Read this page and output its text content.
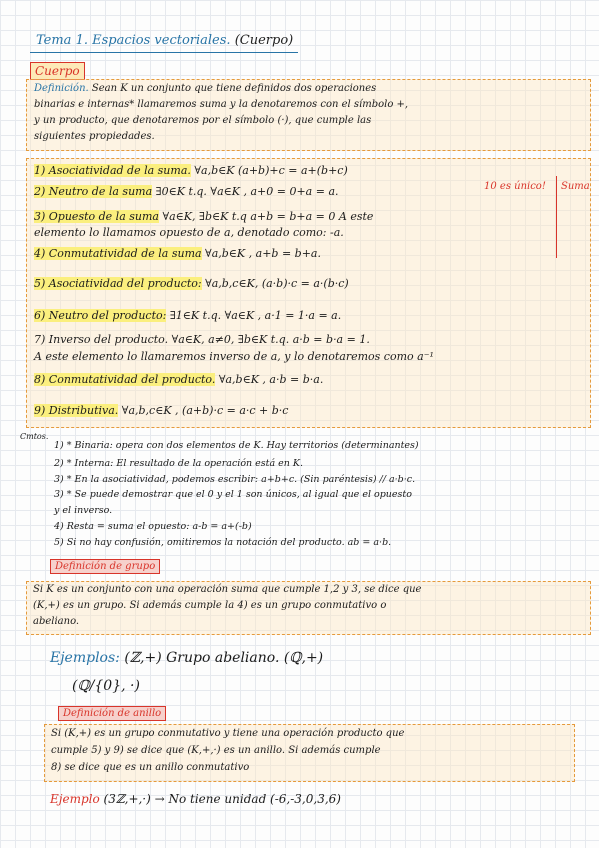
Tema 1. Espacios vectoriales. (Cuerpo)
Cuerpo
Definición. Sean K un conjunto que tiene definidos dos operaciones
binarias e internas* llamaremos suma y la denotaremos con el símbolo +,
y un producto, que denotaremos por el símbolo (·), que cumple las
siguientes propiedades.
1) Asociatividad de la suma. ∀a,b∈K (a+b)+c = a+(b+c)
2) Neutro de la suma ∃0∈K t.q. ∀a∈K , a+0 = 0+a = a.
3) Opuesto de la suma ∀a∈K, ∃b∈K t.q a+b = b+a = 0 A este
elemento lo llamamos opuesto de a, denotado como: -a.
4) Conmutatividad de la suma ∀a,b∈K , a+b = b+a.
5) Asociatividad del producto: ∀a,b,c∈K, (a·b)·c = a·(b·c)
6) Neutro del producto: ∃1∈K t.q. ∀a∈K , a·1 = 1·a = a.
7) Inverso del producto. ∀a∈K, a≠0, ∃b∈K t.q. a·b = b·a = 1.
A este elemento lo llamaremos inverso de a, y lo denotaremos como a⁻¹
8) Conmutatividad del producto. ∀a,b∈K , a·b = b·a.
9) Distributiva. ∀a,b,c∈K , (a+b)·c = a·c + b·c
10 es único! Suma
Cmtos.
1) * Binaria: opera con dos elementos de K. Hay territorios (determinantes)
2) * Interna: El resultado de la operación está en K.
3) * En la asociatividad, podemos escribir: a+b+c. (Sin paréntesis) // a·b·c.
3) * Se puede demostrar que el 0 y el 1 son únicos, al igual que el opuesto
y el inverso.
4) Resta = suma el opuesto: a-b = a+(-b)
5) Si no hay confusión, omitiremos la notación del producto. ab = a·b.
Definición de grupo
Si K es un conjunto con una operación suma que cumple 1,2 y 3, se dice que
(K,+) es un grupo. Si además cumple la 4) es un grupo conmutativo o
abeliano.
Ejemplos: (ℤ,+) Grupo abeliano. (ℚ,+)
(ℚ/{0}, ·)
Definición de anillo
Si (K,+) es un grupo conmutativo y tiene una operación producto que
cumple 5) y 9) se dice que (K,+,·) es un anillo. Si además cumple
8) se dice que es un anillo conmutativo
Ejemplo (3ℤ,+,·) → No tiene unidad (-6,-3,0,3,6)
